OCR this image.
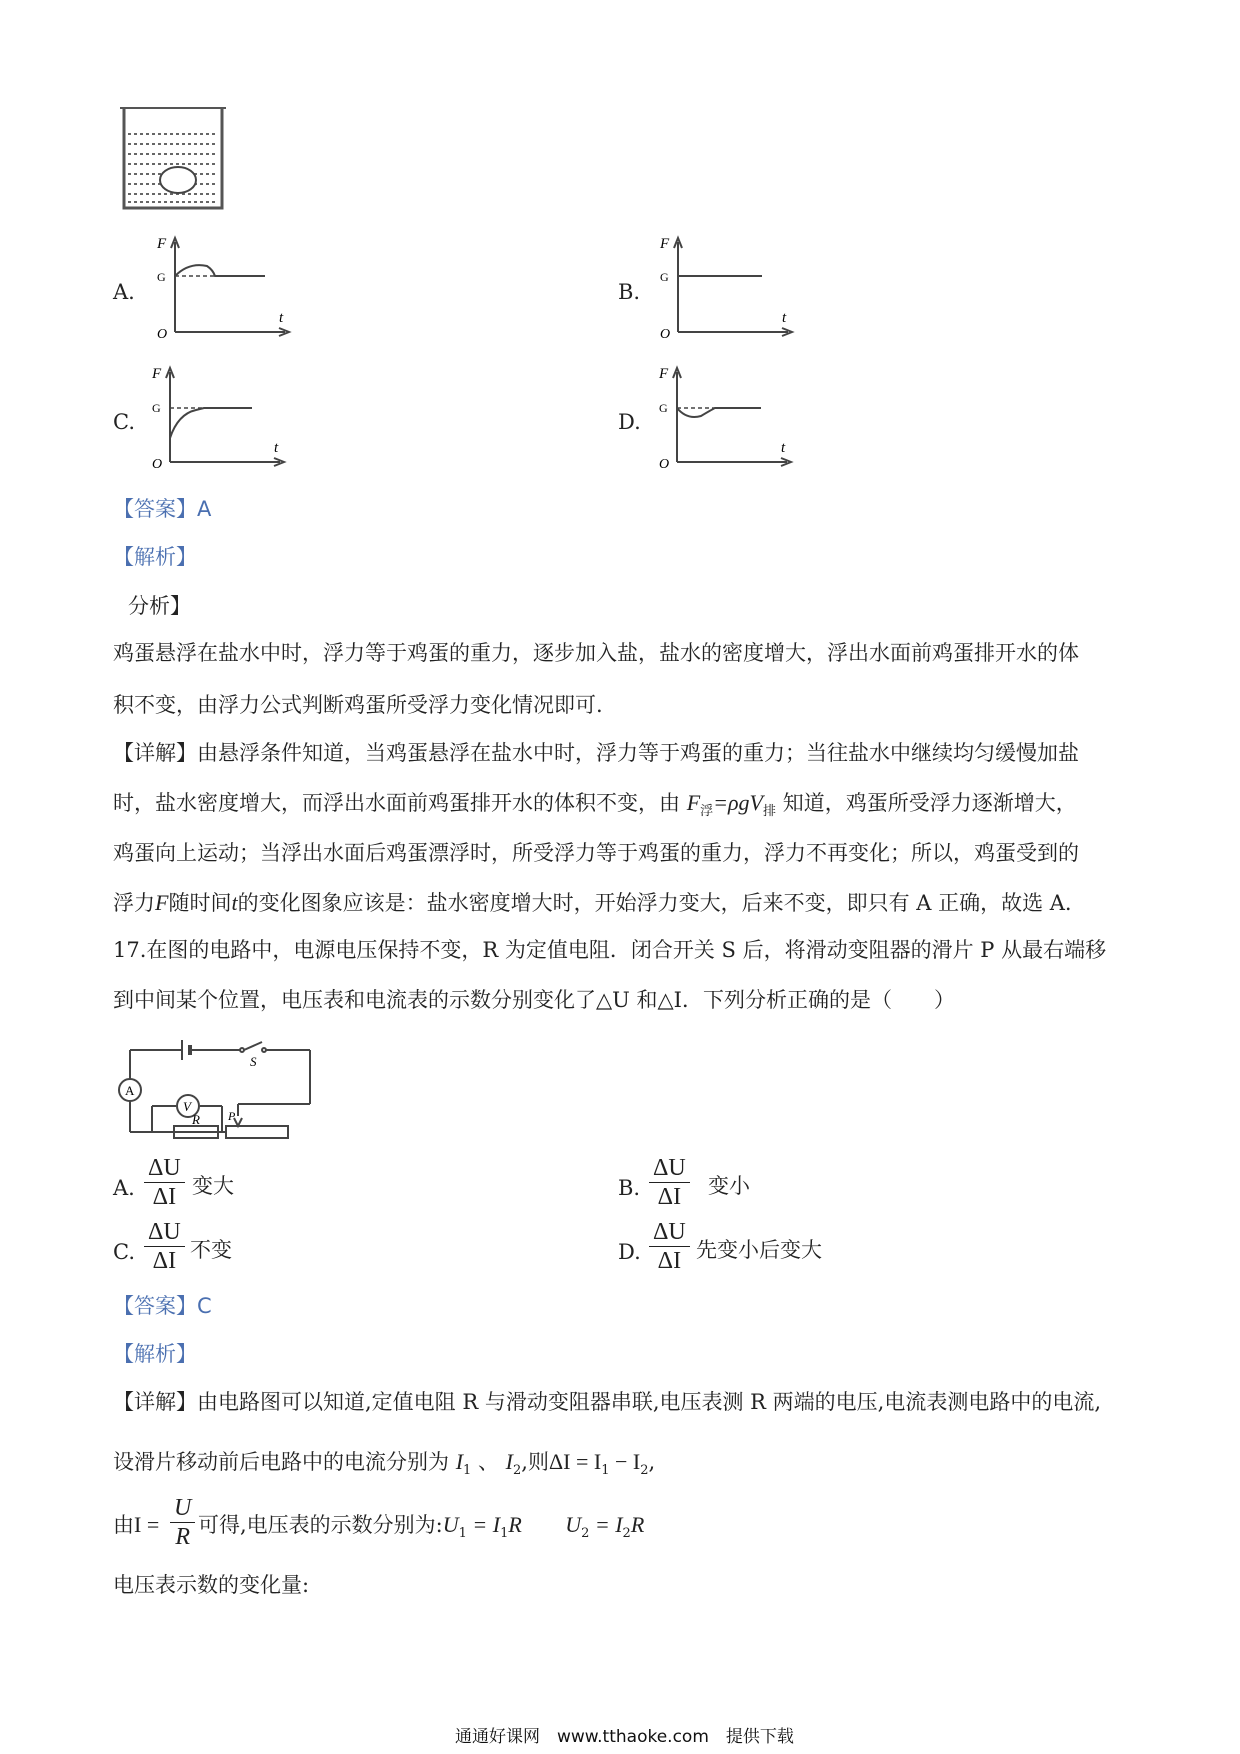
A.
F
G
O
t
B.
F
G
O
t
C.
F
G
O
t
D.
F
G
O
t
【答案】A
【解析】
分析】
鸡蛋悬浮在盐水中时，浮力等于鸡蛋的重力，逐步加入盐，盐水的密度增大，浮出水面前鸡蛋排开水的体
积不变，由浮力公式判断鸡蛋所受浮力变化情况即可.
【详解】由悬浮条件知道，当鸡蛋悬浮在盐水中时，浮力等于鸡蛋的重力；当往盐水中继续均匀缓慢加盐
时，盐水密度增大，而浮出水面前鸡蛋排开水的体积不变，由 $F_浮=\rho gV_排$ 知道，鸡蛋所受浮力逐渐增大，
鸡蛋向上运动；当浮出水面后鸡蛋漂浮时，所受浮力等于鸡蛋的重力，浮力不再变化；所以，鸡蛋受到的
浮力F随时间t的变化图象应该是：盐水密度增大时，开始浮力变大，后来不变，即只有 A 正确，故选 A.
17.在图的电路中，电源电压保持不变，R 为定值电阻．闭合开关 S 后，将滑动变阻器的滑片 P 从最右端移
到中间某个位置，电压表和电流表的示数分别变化了△U 和△I．下列分析正确的是（　　）
A
V
R P
S
A. $\frac{\Delta U}{\Delta I}$ 变大	B. $\frac{\Delta U}{\Delta I}$ 变小
C. $\frac{\Delta U}{\Delta I}$ 不变	D. $\frac{\Delta U}{\Delta I}$ 先变小后变大
【答案】C
【解析】
【详解】由电路图可以知道,定值电阻 R 与滑动变阻器串联,电压表测 R 两端的电压,电流表测电路中的电流,
设滑片移动前后电路中的电流分别为 $I_1$ 、 $I_2$,则$\Delta I = I_1 - I_2$,
由$I = \frac{U}{R}$ 可得,电压表的示数分别为$:U_1 = I_1R$ $U_2 = I_2R$
电压表示数的变化量:
通通好课网　www.tthaoke.com　提供下载
